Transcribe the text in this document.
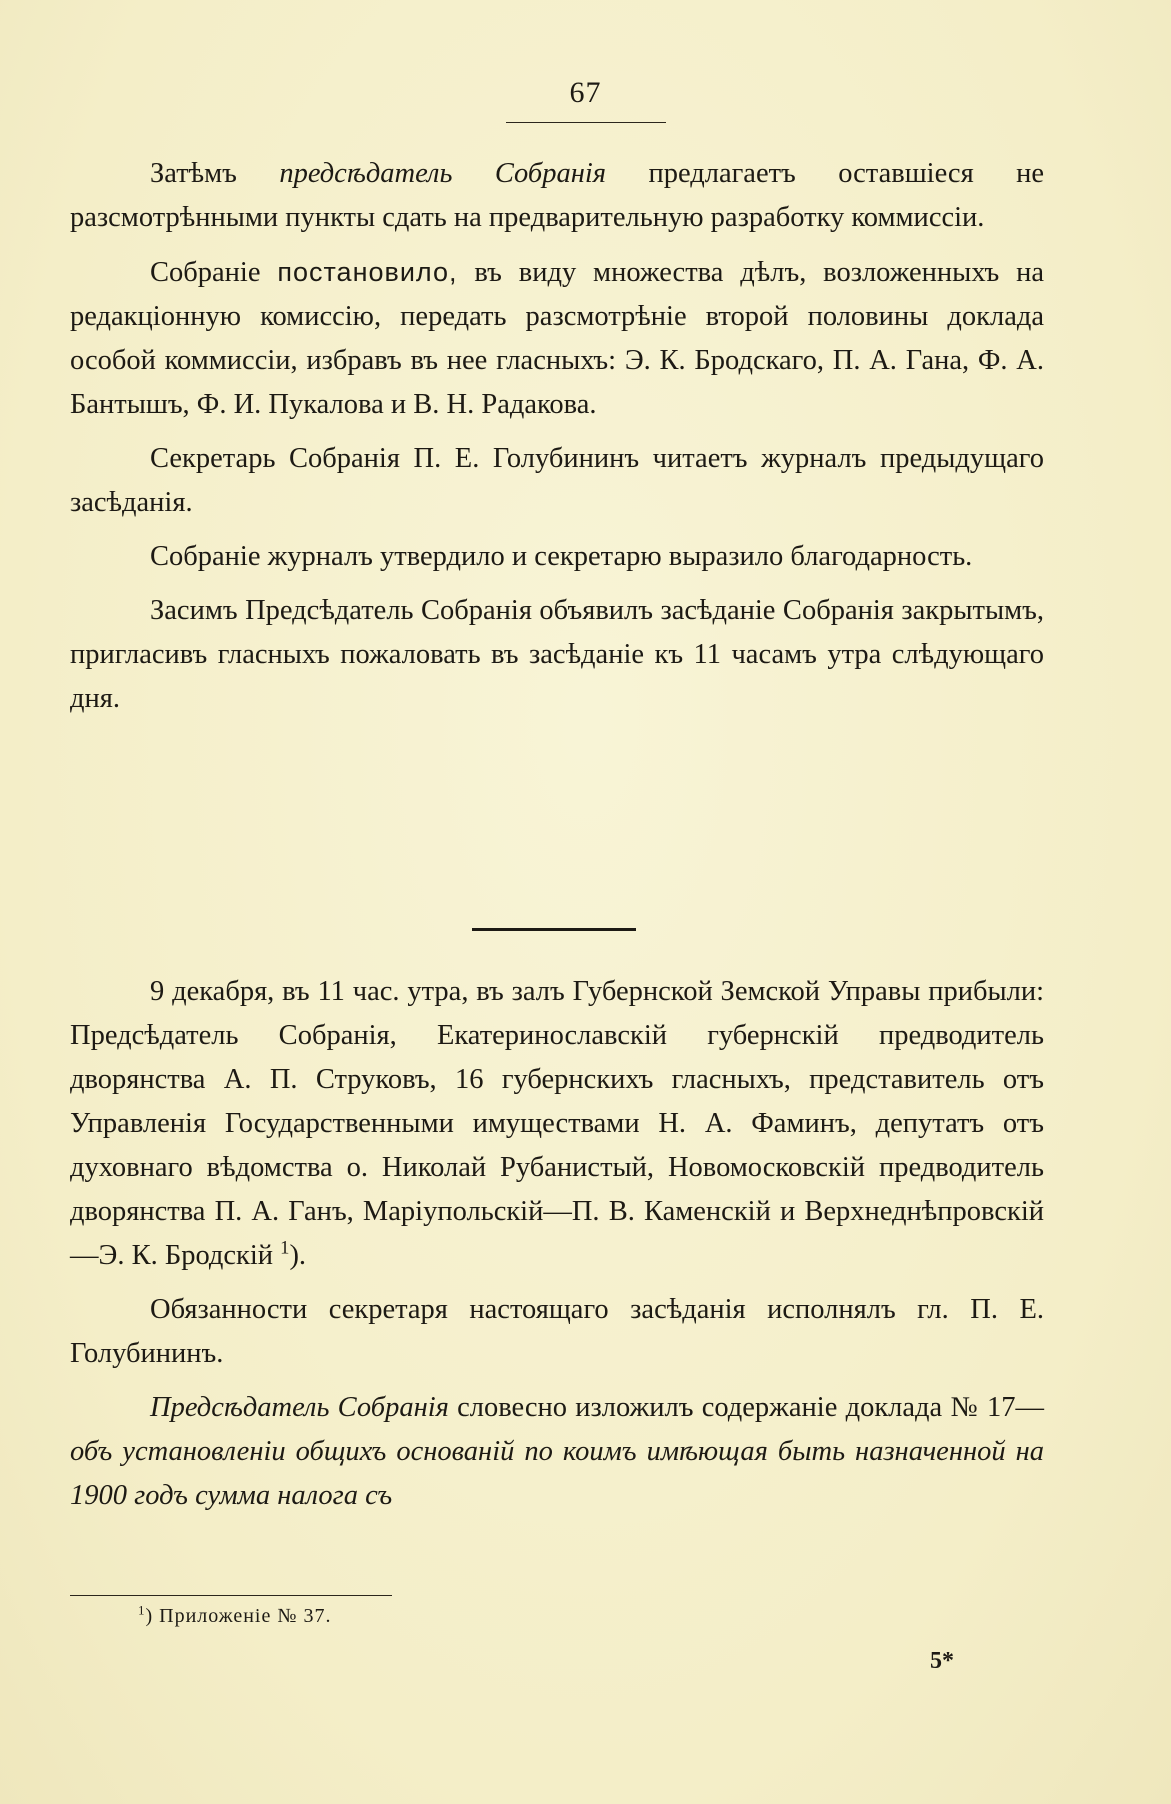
67

Затѣмъ предсѣдатель Собранія предлагаетъ оставшіеся не разсмотрѣнными пункты сдать на предварительную разработку коммиссіи.

Собраніе постановило, въ виду множества дѣлъ, возложенныхъ на редакціонную комиссію, передать разсмотрѣніе второй половины доклада особой коммиссіи, избравъ въ нее гласныхъ: Э. К. Бродскаго, П. А. Гана, Ф. А. Бантышъ, Ф. И. Пукалова и В. Н. Радакова.

Секретарь Собранія П. Е. Голубининъ читаетъ журналъ предыдущаго засѣданія.

Собраніе журналъ утвердило и секретарю выразило благодарность.

Засимъ Предсѣдатель Собранія объявилъ засѣданіе Собранія закрытымъ, пригласивъ гласныхъ пожаловать въ засѣданіе къ 11 часамъ утра слѣдующаго дня.

9 декабря, въ 11 час. утра, въ залъ Губернской Земской Управы прибыли: Предсѣдатель Собранія, Екатеринославскій губернскій предводитель дворянства А. П. Струковъ, 16 губернскихъ гласныхъ, представитель отъ Управленія Государственными имуществами Н. А. Фаминъ, депутатъ отъ духовнаго вѣдомства о. Николай Рубанистый, Новомосковскій предводитель дворянства П. А. Ганъ, Маріупольскій—П. В. Каменскій и Верхнеднѣпровскій—Э. К. Бродскій $^1$).

Обязанности секретаря настоящаго засѣданія исполнялъ гл. П. Е. Голубининъ.

Предсѣдатель Собранія словесно изложилъ содержаніе доклада № 17—объ установленіи общихъ основаній по коимъ имѣющая быть назначенной на 1900 годъ сумма налога съ

$^1$) Приложеніе № 37.
5*
